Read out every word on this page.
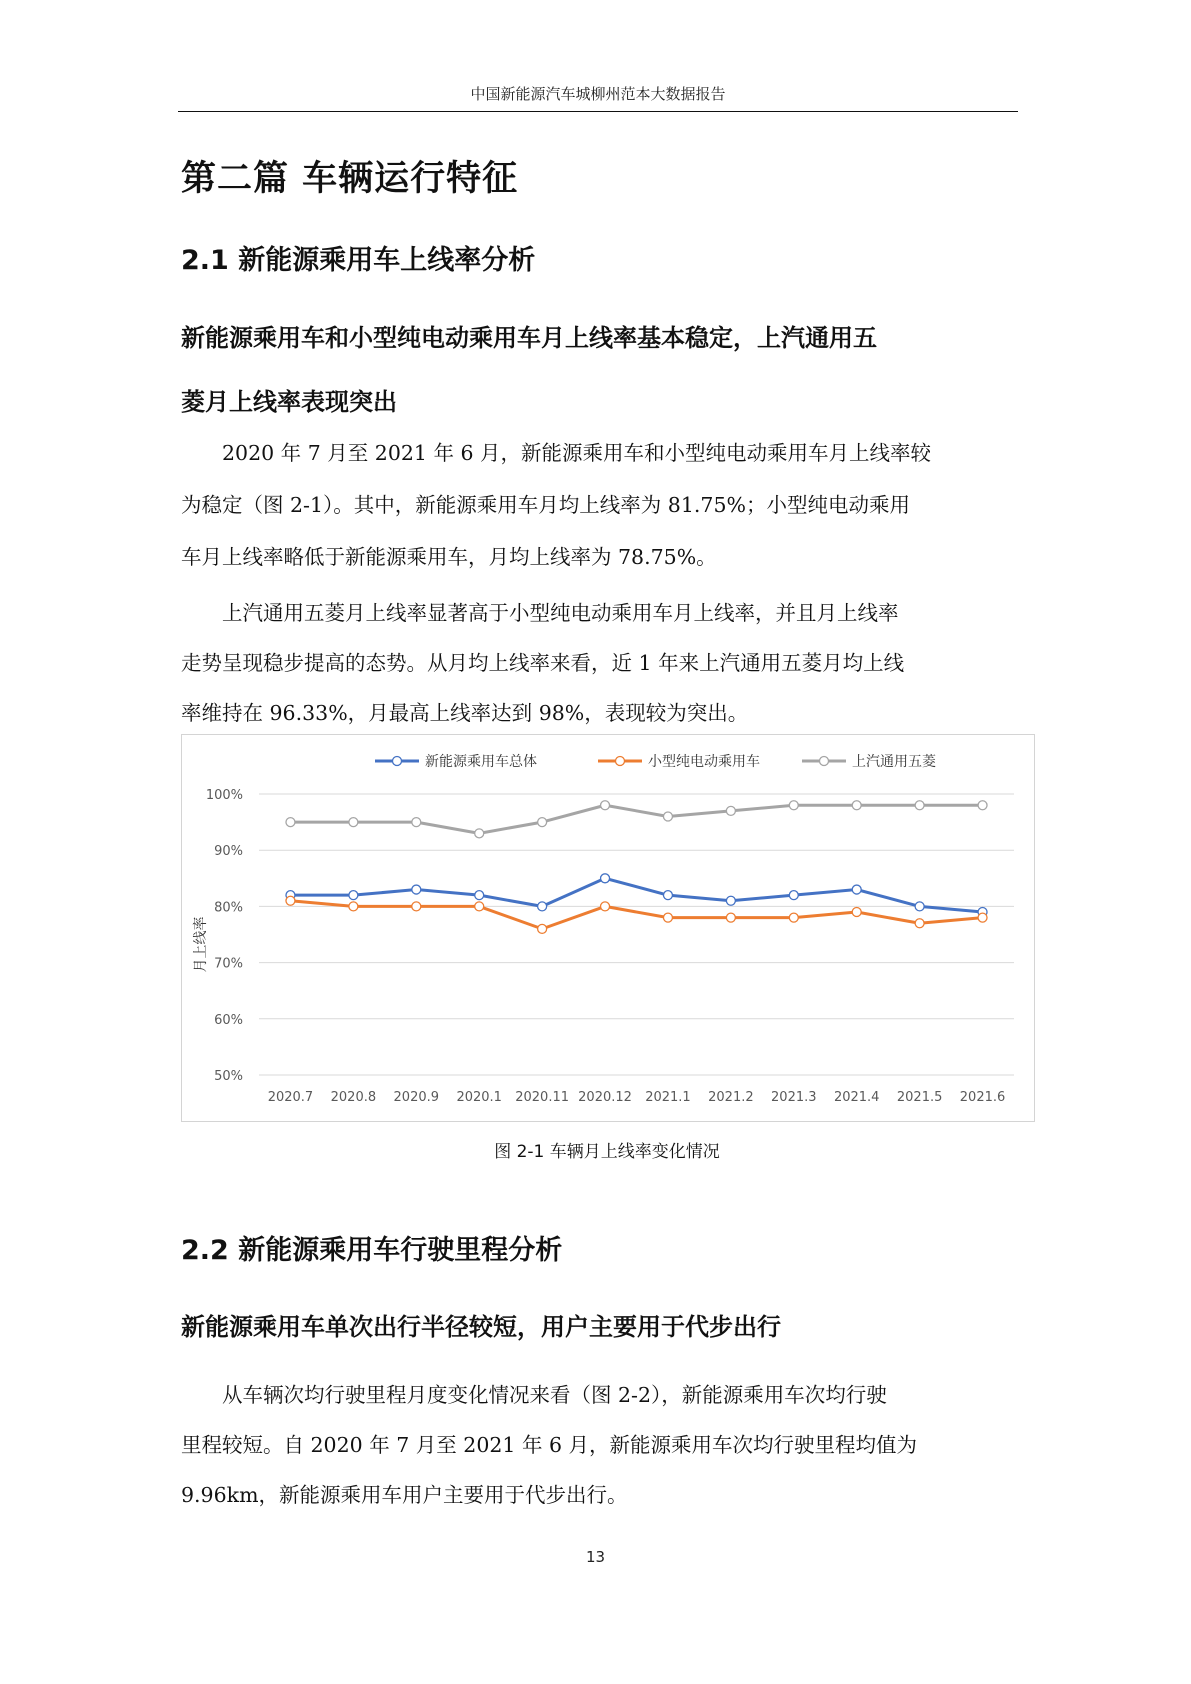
中国新能源汽车城柳州范本大数据报告
第二篇 车辆运行特征
2.1 新能源乘用车上线率分析
新能源乘用车和小型纯电动乘用车月上线率基本稳定，上汽通用五
菱月上线率表现突出
2020 年 7 月至 2021 年 6 月，新能源乘用车和小型纯电动乘用车月上线率较
为稳定（图 2-1）。其中，新能源乘用车月均上线率为 81.75%；小型纯电动乘用
车月上线率略低于新能源乘用车，月均上线率为 78.75%。
上汽通用五菱月上线率显著高于小型纯电动乘用车月上线率，并且月上线率
走势呈现稳步提高的态势。从月均上线率来看，近 1 年来上汽通用五菱月均上线
率维持在 96.33%，月最高上线率达到 98%，表现较为突出。
50%
60%
70%
80%
90%
100%
2020.7 2020.8 2020.9 2020.1 2020.11 2020.12 2021.1 2021.2 2021.3 2021.4 2021.5 2021.6
月上线率
新能源乘用车总体	小型纯电动乘用车	上汽通用五菱
图 2-1 车辆月上线率变化情况
2.2 新能源乘用车行驶里程分析
新能源乘用车单次出行半径较短，用户主要用于代步出行
从车辆次均行驶里程月度变化情况来看（图 2-2），新能源乘用车次均行驶
里程较短。自 2020 年 7 月至 2021 年 6 月，新能源乘用车次均行驶里程均值为
9.96km，新能源乘用车用户主要用于代步出行。
13
